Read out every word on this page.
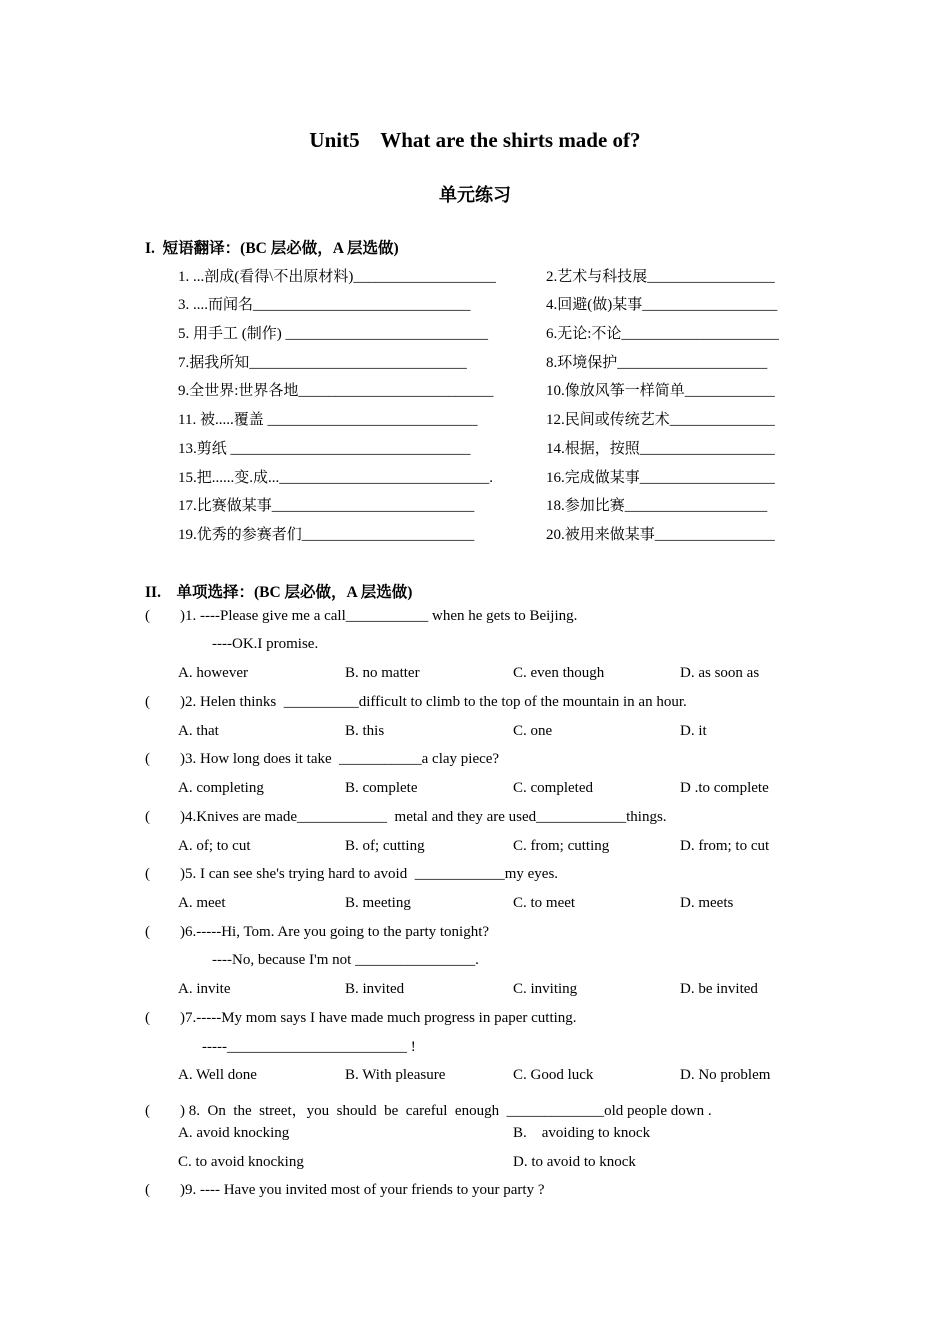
Unit5    What are the shirts made of?
单元练习
I.  短语翻译：(BC 层必做，A 层选做)
1. ...剖成(看得\不出原材料)___________________	2.艺术与科技展_________________
3. ....而闻名_____________________________	4.回避(做)某事__________________
5. 用手工 (制作) ___________________________	6.无论:不论_____________________
7.据我所知_____________________________	8.环境保护____________________
9.全世界:世界各地__________________________	10.像放风筝一样简单____________
11. 被.....覆盖 ____________________________	12.民间或传统艺术______________
13.剪纸 ________________________________	14.根据，按照__________________
15.把......变.成...____________________________.	16.完成做某事__________________
17.比赛做某事___________________________	18.参加比赛___________________
19.优秀的参赛者们_______________________	20.被用来做某事________________
II.    单项选择：(BC 层必做，A 层选做)
(        )1. ----Please give me a call___________ when he gets to Beijing.
----OK.I promise.
A. however	B. no matter	C. even though	D. as soon as
(        )2. Helen thinks  __________difficult to climb to the top of the mountain in an hour.
A. that	B. this	C. one	D. it
(        )3. How long does it take  ___________a clay piece?
A. completing	B. complete	C. completed	D .to complete
(        )4.Knives are made____________  metal and they are used____________things.
A. of; to cut	B. of; cutting	C. from; cutting	D. from; to cut
(        )5. I can see she's trying hard to avoid  ____________my eyes.
A. meet	B. meeting	C. to meet	D. meets
(        )6.-----Hi, Tom. Are you going to the party tonight?
----No, because I'm not ________________.
A. invite	B. invited	C. inviting	D. be invited
(        )7.-----My mom says I have made much progress in paper cutting.
-----________________________ !
A. Well done	B. With pleasure	C. Good luck	D. No problem
(        ) 8.  On  the  street，you  should  be  careful  enough  _____________old people down .
A. avoid knocking	B.    avoiding to knock
C. to avoid knocking	D. to avoid to knock
(        )9. ---- Have you invited most of your friends to your party ?
